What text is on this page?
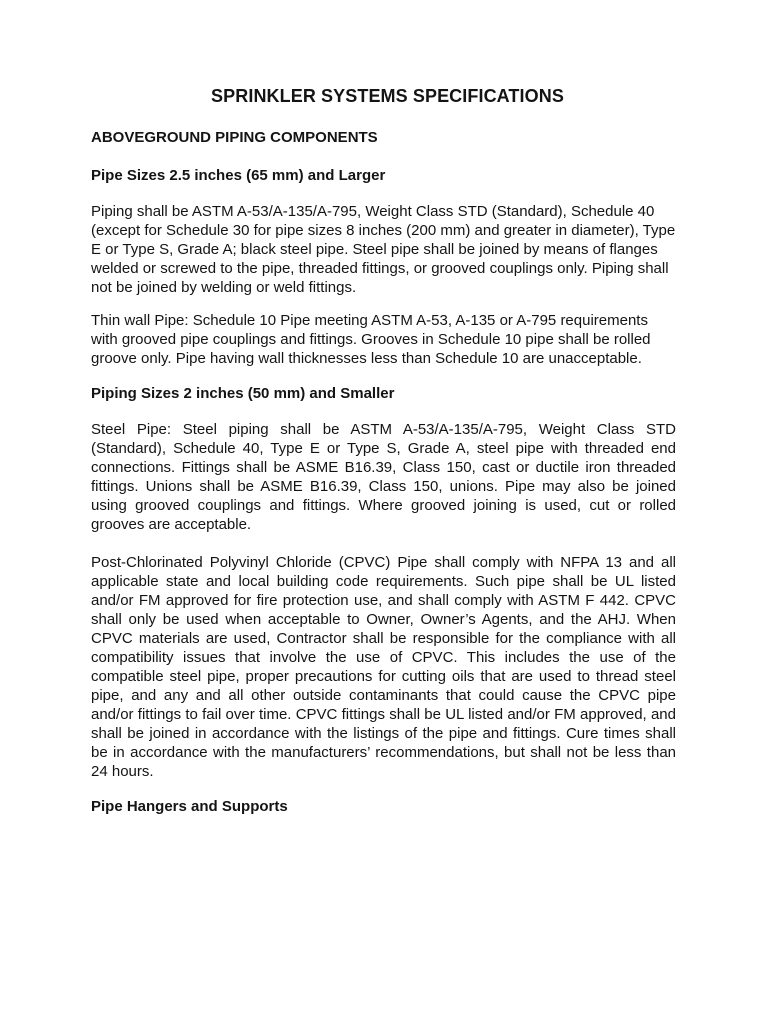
SPRINKLER SYSTEMS SPECIFICATIONS
ABOVEGROUND PIPING COMPONENTS
Pipe Sizes 2.5 inches (65 mm) and Larger

Piping shall be ASTM A-53/A-135/A-795, Weight Class STD (Standard), Schedule 40 (except for Schedule 30 for pipe sizes 8 inches (200 mm) and greater in diameter), Type E or Type S, Grade A; black steel pipe. Steel pipe shall be joined by means of flanges welded or screwed to the pipe, threaded fittings, or grooved couplings only. Piping shall not be joined by welding or weld fittings.

Thin wall Pipe: Schedule 10 Pipe meeting ASTM A-53, A-135 or A-795 requirements with grooved pipe couplings and fittings. Grooves in Schedule 10 pipe shall be rolled groove only. Pipe having wall thicknesses less than Schedule 10 are unacceptable.

Piping Sizes 2 inches (50 mm) and Smaller

Steel Pipe: Steel piping shall be ASTM A-53/A-135/A-795, Weight Class STD (Standard), Schedule 40, Type E or Type S, Grade A, steel pipe with threaded end connections. Fittings shall be ASME B16.39, Class 150, cast or ductile iron threaded fittings. Unions shall be ASME B16.39, Class 150, unions. Pipe may also be joined using grooved couplings and fittings. Where grooved joining is used, cut or rolled grooves are acceptable.

Post-Chlorinated Polyvinyl Chloride (CPVC) Pipe shall comply with NFPA 13 and all applicable state and local building code requirements. Such pipe shall be UL listed and/or FM approved for fire protection use, and shall comply with ASTM F 442. CPVC shall only be used when acceptable to Owner, Owner’s Agents, and the AHJ. When CPVC materials are used, Contractor shall be responsible for the compliance with all compatibility issues that involve the use of CPVC. This includes the use of the compatible steel pipe, proper precautions for cutting oils that are used to thread steel pipe, and any and all other outside contaminants that could cause the CPVC pipe and/or fittings to fail over time. CPVC fittings shall be UL listed and/or FM approved, and shall be joined in accordance with the listings of the pipe and fittings. Cure times shall be in accordance with the manufacturers’ recommendations, but shall not be less than 24 hours.

Pipe Hangers and Supports
